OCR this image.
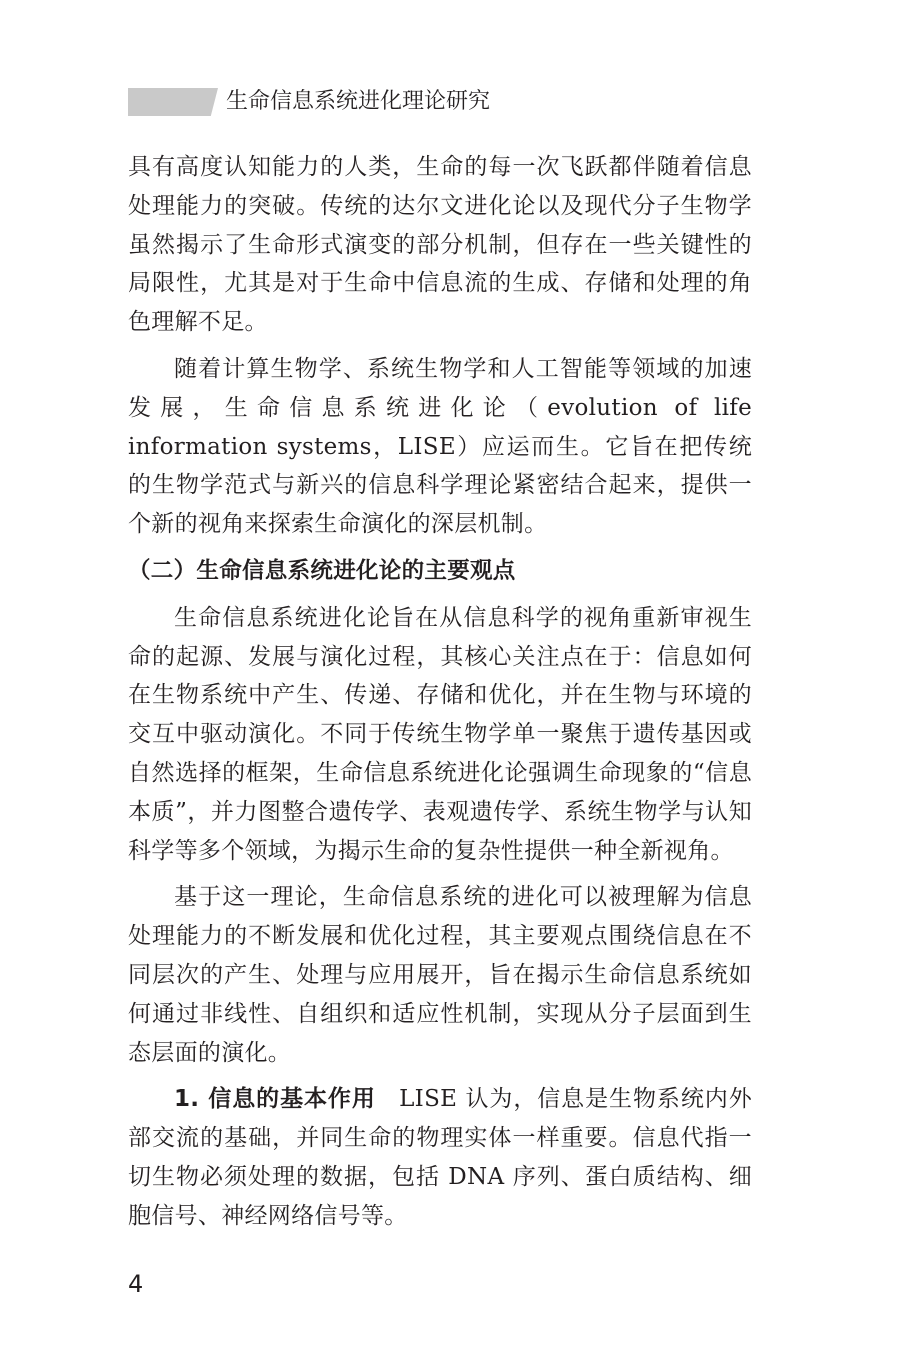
生命信息系统进化理论研究

具有高度认知能力的人类，生命的每一次飞跃都伴随着信息处理能力的突破。传统的达尔文进化论以及现代分子生物学虽然揭示了生命形式演变的部分机制，但存在一些关键性的局限性，尤其是对于生命中信息流的生成、存储和处理的角色理解不足。

随着计算生物学、系统生物学和人工智能等领域的加速发展，生命信息系统进化论（evolution of life information systems，LISE）应运而生。它旨在把传统的生物学范式与新兴的信息科学理论紧密结合起来，提供一个新的视角来探索生命演化的深层机制。

（二）生命信息系统进化论的主要观点

生命信息系统进化论旨在从信息科学的视角重新审视生命的起源、发展与演化过程，其核心关注点在于：信息如何在生物系统中产生、传递、存储和优化，并在生物与环境的交互中驱动演化。不同于传统生物学单一聚焦于遗传基因或自然选择的框架，生命信息系统进化论强调生命现象的“信息本质”，并力图整合遗传学、表观遗传学、系统生物学与认知科学等多个领域，为揭示生命的复杂性提供一种全新视角。

基于这一理论，生命信息系统的进化可以被理解为信息处理能力的不断发展和优化过程，其主要观点围绕信息在不同层次的产生、处理与应用展开，旨在揭示生命信息系统如何通过非线性、自组织和适应性机制，实现从分子层面到生态层面的演化。

1. 信息的基本作用  LISE 认为，信息是生物系统内外部交流的基础，并同生命的物理实体一样重要。信息代指一切生物必须处理的数据，包括 DNA 序列、蛋白质结构、细胞信号、神经网络信号等。

4
